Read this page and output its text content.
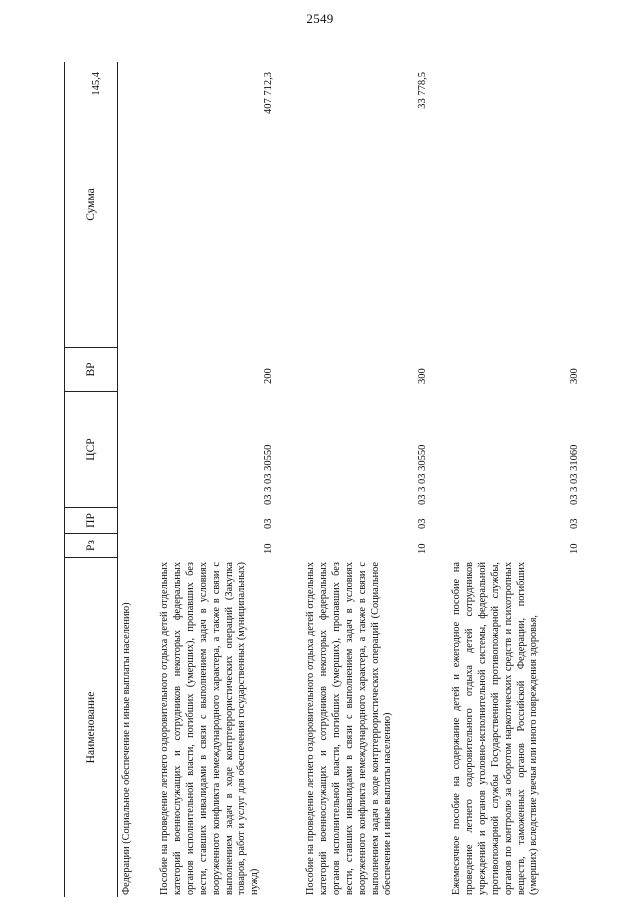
2549
Наименование
Рз
ПР
ЦСР
ВР
Сумма
Федерации (Социальное обеспечение и иные выплаты населению)
145,4
Пособие на проведение летнего оздоровительного отдыха детей отдельных категорий военнослужащих и сотрудников некоторых федеральных органов исполнительной власти, погибших (умерших), пропавших без вести, ставших инвалидами в связи с выполнением задач в условиях вооруженного конфликта немеждународного характера, а также в связи с выполнением задач в ходе контртеррористических операций (Закупка товаров, работ и услуг для обеспечения государственных (муниципальных) нужд)
10
03
03 3 03 30550
200
407 712,3
Пособие на проведение летнего оздоровительного отдыха детей отдельных категорий военнослужащих и сотрудников некоторых федеральных органов исполнительной власти, погибших (умерших), пропавших без вести, ставших инвалидами в связи с выполнением задач в условиях вооруженного конфликта немеждународного характера, а также в связи с выполнением задач в ходе контртеррористических операций (Социальное обеспечение и иные выплаты населению)
10
03
03 3 03 30550
300
33 778,5
Ежемесячное пособие на содержание детей и ежегодное пособие на проведение летнего оздоровительного отдыха детей сотрудников учреждений и органов уголовно-исполнительной системы, федеральной противопожарной службы Государственной противопожарной службы, органов по контролю за оборотом наркотических средств и психотропных веществ, таможенных органов Российской Федерации, погибших (умерших) вследствие увечья или иного повреждения здоровья,
10
03
03 3 03 31060
300
